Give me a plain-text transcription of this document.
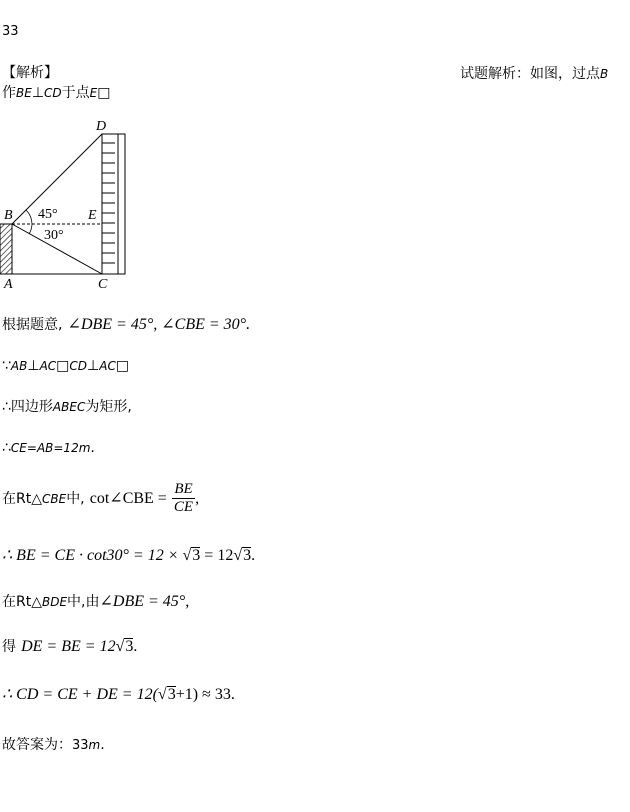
33
【解析】	试题解析：如图，过点B
作BE⊥CD于点E□
D
B	E
A	C
45°
30°
根据题意, ∠DBE = 45°, ∠CBE = 30°.
∵AB⊥AC□CD⊥AC□
∴四边形ABEC为矩形,
∴CE=AB=12m.
在Rt△CBE中, cot∠CBE = $\frac{BE}{CE}$ ,
∴ BE = CE · cot30° = 12 × √3 = 12√3.
在Rt△BDE中,由∠DBE = 45°,
得 DE = BE = 12√3.
∴ CD = CE + DE = 12(√3+1) ≈ 33.
故答案为：33m.
